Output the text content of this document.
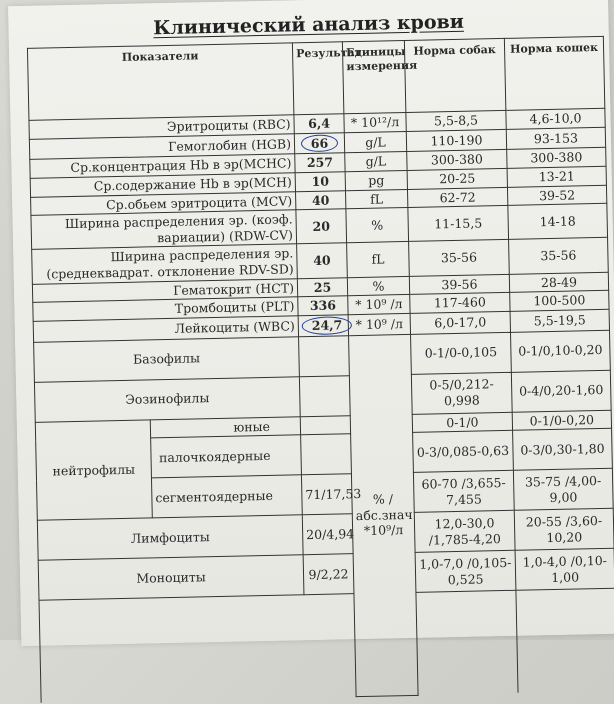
Клинический анализ крови
Показатели		Результат	Единицы измерения	Норма собак	Норма кошек
Эритроциты (RBC)		6,4	* 10¹²/л	5,5-8,5	4,6-10,0
Гемоглобин (HGB)		66	g/L	110-190	93-153
Ср.концентрация Hb в эр(MCHC)		257	g/L	300-380	300-380
Ср.содержание Hb в эр(MCH)		10	pg	20-25	13-21
Ср.обьем эритроцита (MCV)		40	fL	62-72	39-52
Ширина распределения эр. (коэф. вариации) (RDW-CV)		20	%	11-15,5	14-18
Ширина распределения эр.(среднеквадрат. отклонение RDV-SD)		40	fL	35-56	35-56
Гематокрит (HCT)		25	%	39-56	28-49
Тромбоциты (PLT)		336	* 10⁹ /л	117-460	100-500
Лейкоциты (WBC)		24,7	* 10⁹ /л	6,0-17,0	5,5-19,5
Базофилы			% /абс.знач *10⁹/л	0-1/0-0,105	0-1/0,10-0,20
Эозинофилы				0-5/0,212-0,998	0-4/0,20-1,60
нейтрофилы	юные			0-1/0	0-1/0-0,20
	палочкоядерные			0-3/0,085-0,63	0-3/0,30-1,80
	сегментоядерные	71/17,53		60-70 /3,655-7,455	35-75 /4,00-9,00
Лимфоциты		20/4,94		12,0-30,0 /1,785-4,20	20-55 /3,60-10,20
Моноциты		9/2,22		1,0-7,0 /0,105-0,525	1,0-4,0 /0,10-1,00
